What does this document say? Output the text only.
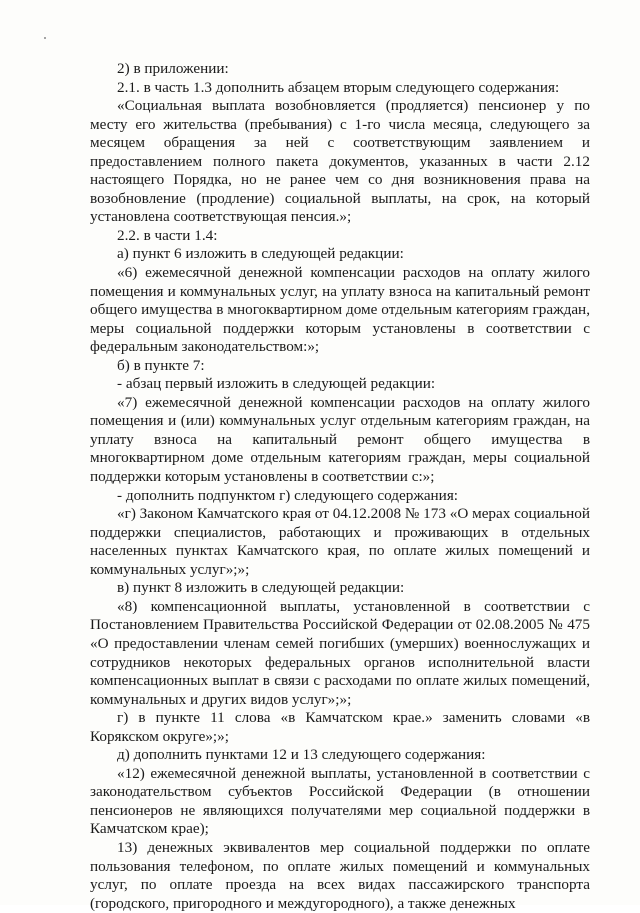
2) в приложении:

2.1. в часть 1.3 дополнить абзацем вторым следующего содержания:

«Социальная выплата возобновляется (продляется) пенсионер у по месту его жительства (пребывания) с 1-го числа месяца, следующего за месяцем обращения за ней с соответствующим заявлением и предоставлением полного пакета документов, указанных в части 2.12 настоящего Порядка, но не ранее чем со дня возникновения права на возобновление (продление) социальной выплаты, на срок, на который установлена соответствующая пенсия.»;

2.2. в части 1.4:

а) пункт 6 изложить в следующей редакции:

«6) ежемесячной денежной компенсации расходов на оплату жилого помещения и коммунальных услуг, на уплату взноса на капитальный ремонт общего имущества в многоквартирном доме отдельным категориям граждан, меры социальной поддержки которым установлены в соответствии с федеральным законодательством:»;

б) в пункте 7:

- абзац первый изложить в следующей редакции:

«7) ежемесячной денежной компенсации расходов на оплату жилого помещения и (или) коммунальных услуг отдельным категориям граждан, на уплату взноса на капитальный ремонт общего имущества в многоквартирном доме отдельным категориям граждан, меры социальной поддержки которым установлены в соответствии с:»;

- дополнить подпунктом г) следующего содержания:

«г) Законом Камчатского края от 04.12.2008 № 173 «О мерах социальной поддержки специалистов, работающих и проживающих в отдельных населенных пунктах Камчатского края, по оплате жилых помещений и коммунальных услуг»;»;

в) пункт 8 изложить в следующей редакции:

«8) компенсационной выплаты, установленной в соответствии с Постановлением Правительства Российской Федерации от 02.08.2005 № 475 «О предоставлении членам семей погибших (умерших) военнослужащих и сотрудников некоторых федеральных органов исполнительной власти компенсационных выплат в связи с расходами по оплате жилых помещений, коммунальных и других видов услуг»;»;

г) в пункте 11 слова «в Камчатском крае.» заменить словами «в Корякском округе»;»;

д) дополнить пунктами 12 и 13 следующего содержания:

«12) ежемесячной денежной выплаты, установленной в соответствии с законодательством субъектов Российской Федерации (в отношении пенсионеров не являющихся получателями мер социальной поддержки в Камчатском крае);

13) денежных эквивалентов мер социальной поддержки по оплате пользования телефоном, по оплате жилых помещений и коммунальных услуг, по оплате проезда на всех видах пассажирского транспорта (городского, пригородного и междугородного), а также денежных
